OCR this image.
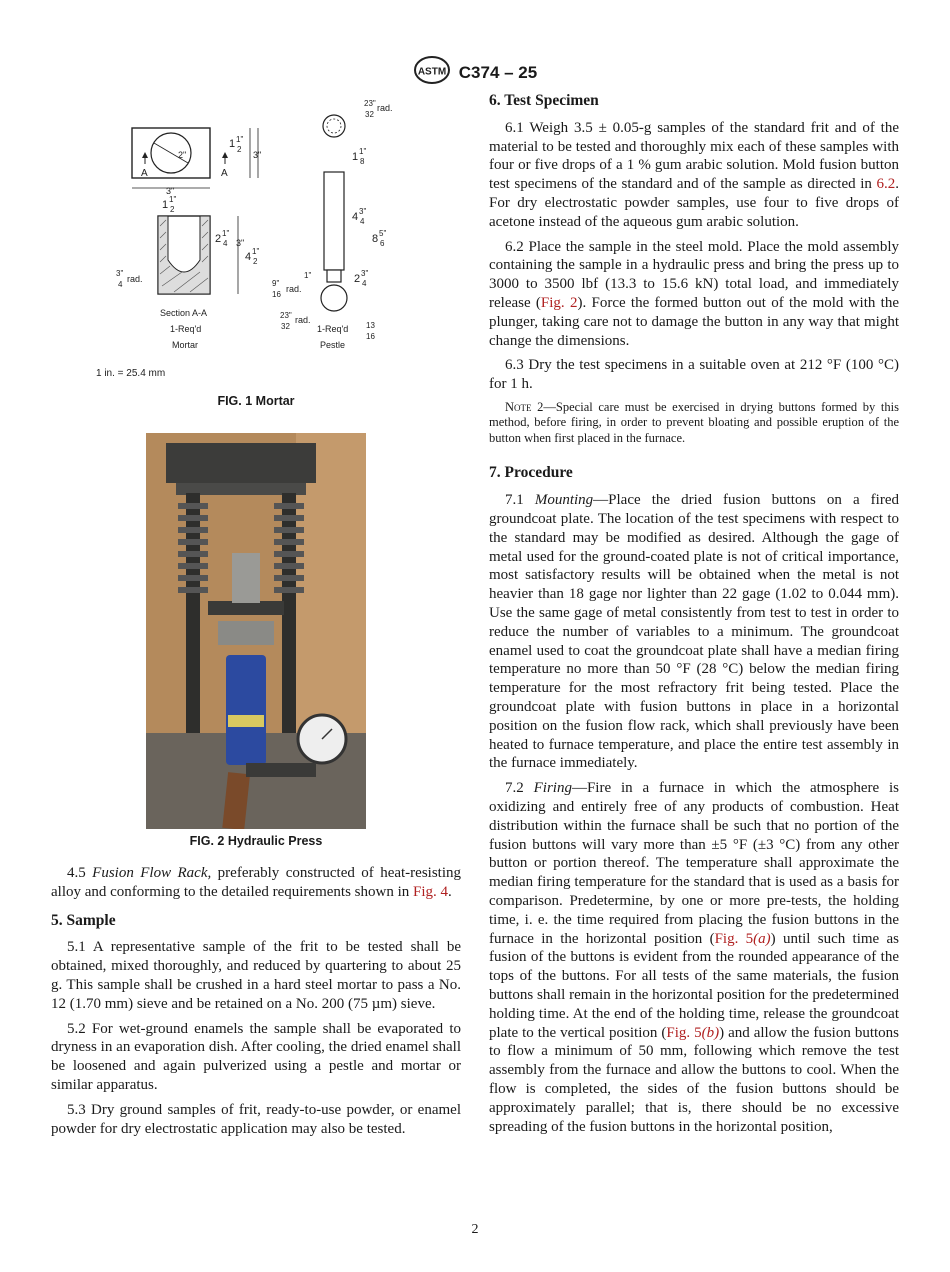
ASTM C374 – 25
2"
A	A
1 1"
2
3"
3"
1 1"
2
2 1"
4 3"
4 1"
2
3"
4
rad.
Section A-A
1-Req'd
Mortar
23"
32
rad.
1 1"
8
4 3"
4
8 5"
6
1"	2 3"
4
9"
16
rad.
23"
32
rad.
1-Req'd
Pestle
13
16
1 in. = 25.4 mm
FIG. 1 Mortar
FIG. 2 Hydraulic Press

4.5 Fusion Flow Rack, preferably constructed of heat-resisting alloy and conforming to the detailed requirements shown in Fig. 4.

5. Sample

5.1 A representative sample of the frit to be tested shall be obtained, mixed thoroughly, and reduced by quartering to about 25 g. This sample shall be crushed in a hard steel mortar to pass a No. 12 (1.70 mm) sieve and be retained on a No. 200 (75 µm) sieve.

5.2 For wet-ground enamels the sample shall be evaporated to dryness in an evaporation dish. After cooling, the dried enamel shall be loosened and again pulverized using a pestle and mortar or similar apparatus.

5.3 Dry ground samples of frit, ready-to-use powder, or enamel powder for dry electrostatic application may also be tested.

6. Test Specimen

6.1 Weigh 3.5 ± 0.05-g samples of the standard frit and of the material to be tested and thoroughly mix each of these samples with four or five drops of a 1 % gum arabic solution. Mold fusion button test specimens of the standard and of the sample as directed in 6.2. For dry electrostatic powder samples, use four to five drops of acetone instead of the aqueous gum arabic solution.

6.2 Place the sample in the steel mold. Place the mold assembly containing the sample in a hydraulic press and bring the press up to 3000 to 3500 lbf (13.3 to 15.6 kN) total load, and immediately release (Fig. 2). Force the formed button out of the mold with the plunger, taking care not to damage the button in any way that might change the dimensions.

6.3 Dry the test specimens in a suitable oven at 212 °F (100 °C) for 1 h.

Note 2—Special care must be exercised in drying buttons formed by this method, before firing, in order to prevent bloating and possible eruption of the button when first placed in the furnace.

7. Procedure

7.1 Mounting—Place the dried fusion buttons on a fired groundcoat plate. The location of the test specimens with respect to the standard may be modified as desired. Although the gage of metal used for the ground-coated plate is not of critical importance, most satisfactory results will be obtained when the metal is not heavier than 18 gage nor lighter than 22 gage (1.02 to 0.044 mm). Use the same gage of metal consistently from test to test in order to reduce the number of variables to a minimum. The groundcoat enamel used to coat the groundcoat plate shall have a median firing temperature no more than 50 °F (28 °C) below the median firing temperature for the most refractory frit being tested. Place the groundcoat plate with fusion buttons in place in a horizontal position on the fusion flow rack, which shall previously have been heated to furnace temperature, and place the entire test assembly in the furnace immediately.

7.2 Firing—Fire in a furnace in which the atmosphere is oxidizing and entirely free of any products of combustion. Heat distribution within the furnace shall be such that no portion of the fusion buttons will vary more than ±5 °F (±3 °C) from any other button or portion thereof. The temperature shall approximate the median firing temperature for the standard that is used as a basis for comparison. Predetermine, by one or more pre-tests, the holding time, i. e. the time required from placing the fusion buttons in the furnace in the horizontal position (Fig. 5(a)) until such time as fusion of the buttons is evident from the rounded appearance of the tops of the buttons. For all tests of the same materials, the fusion buttons shall remain in the horizontal position for the predetermined holding time. At the end of the holding time, release the groundcoat plate to the vertical position (Fig. 5(b)) and allow the fusion buttons to flow a minimum of 50 mm, following which remove the test assembly from the furnace and allow the buttons to cool. When the flow is completed, the sides of the fusion buttons should be approximately parallel; that is, there should be no excessive spreading of the fusion buttons in the horizontal position,

2
